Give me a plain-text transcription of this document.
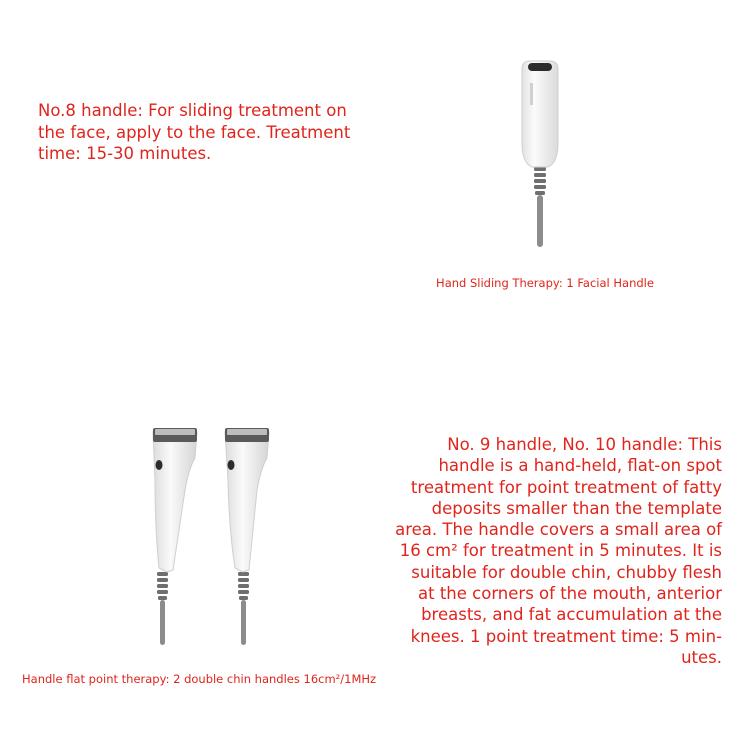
No.8 handle: For sliding treatment on
the face, apply to the face. Treatment
time: 15-30 minutes.
Hand Sliding Therapy: 1 Facial Handle
No. 9 handle, No. 10 handle: This
handle is a hand-held, flat-on spot
treatment for point treatment of fatty
deposits smaller than the template
area. The handle covers a small area of
16 cm² for treatment in 5 minutes. It is
suitable for double chin, chubby flesh
at the corners of the mouth, anterior
breasts, and fat accumulation at the
knees. 1 point treatment time: 5 min-
utes.
Handle flat point therapy: 2 double chin handles 16cm²/1MHz
